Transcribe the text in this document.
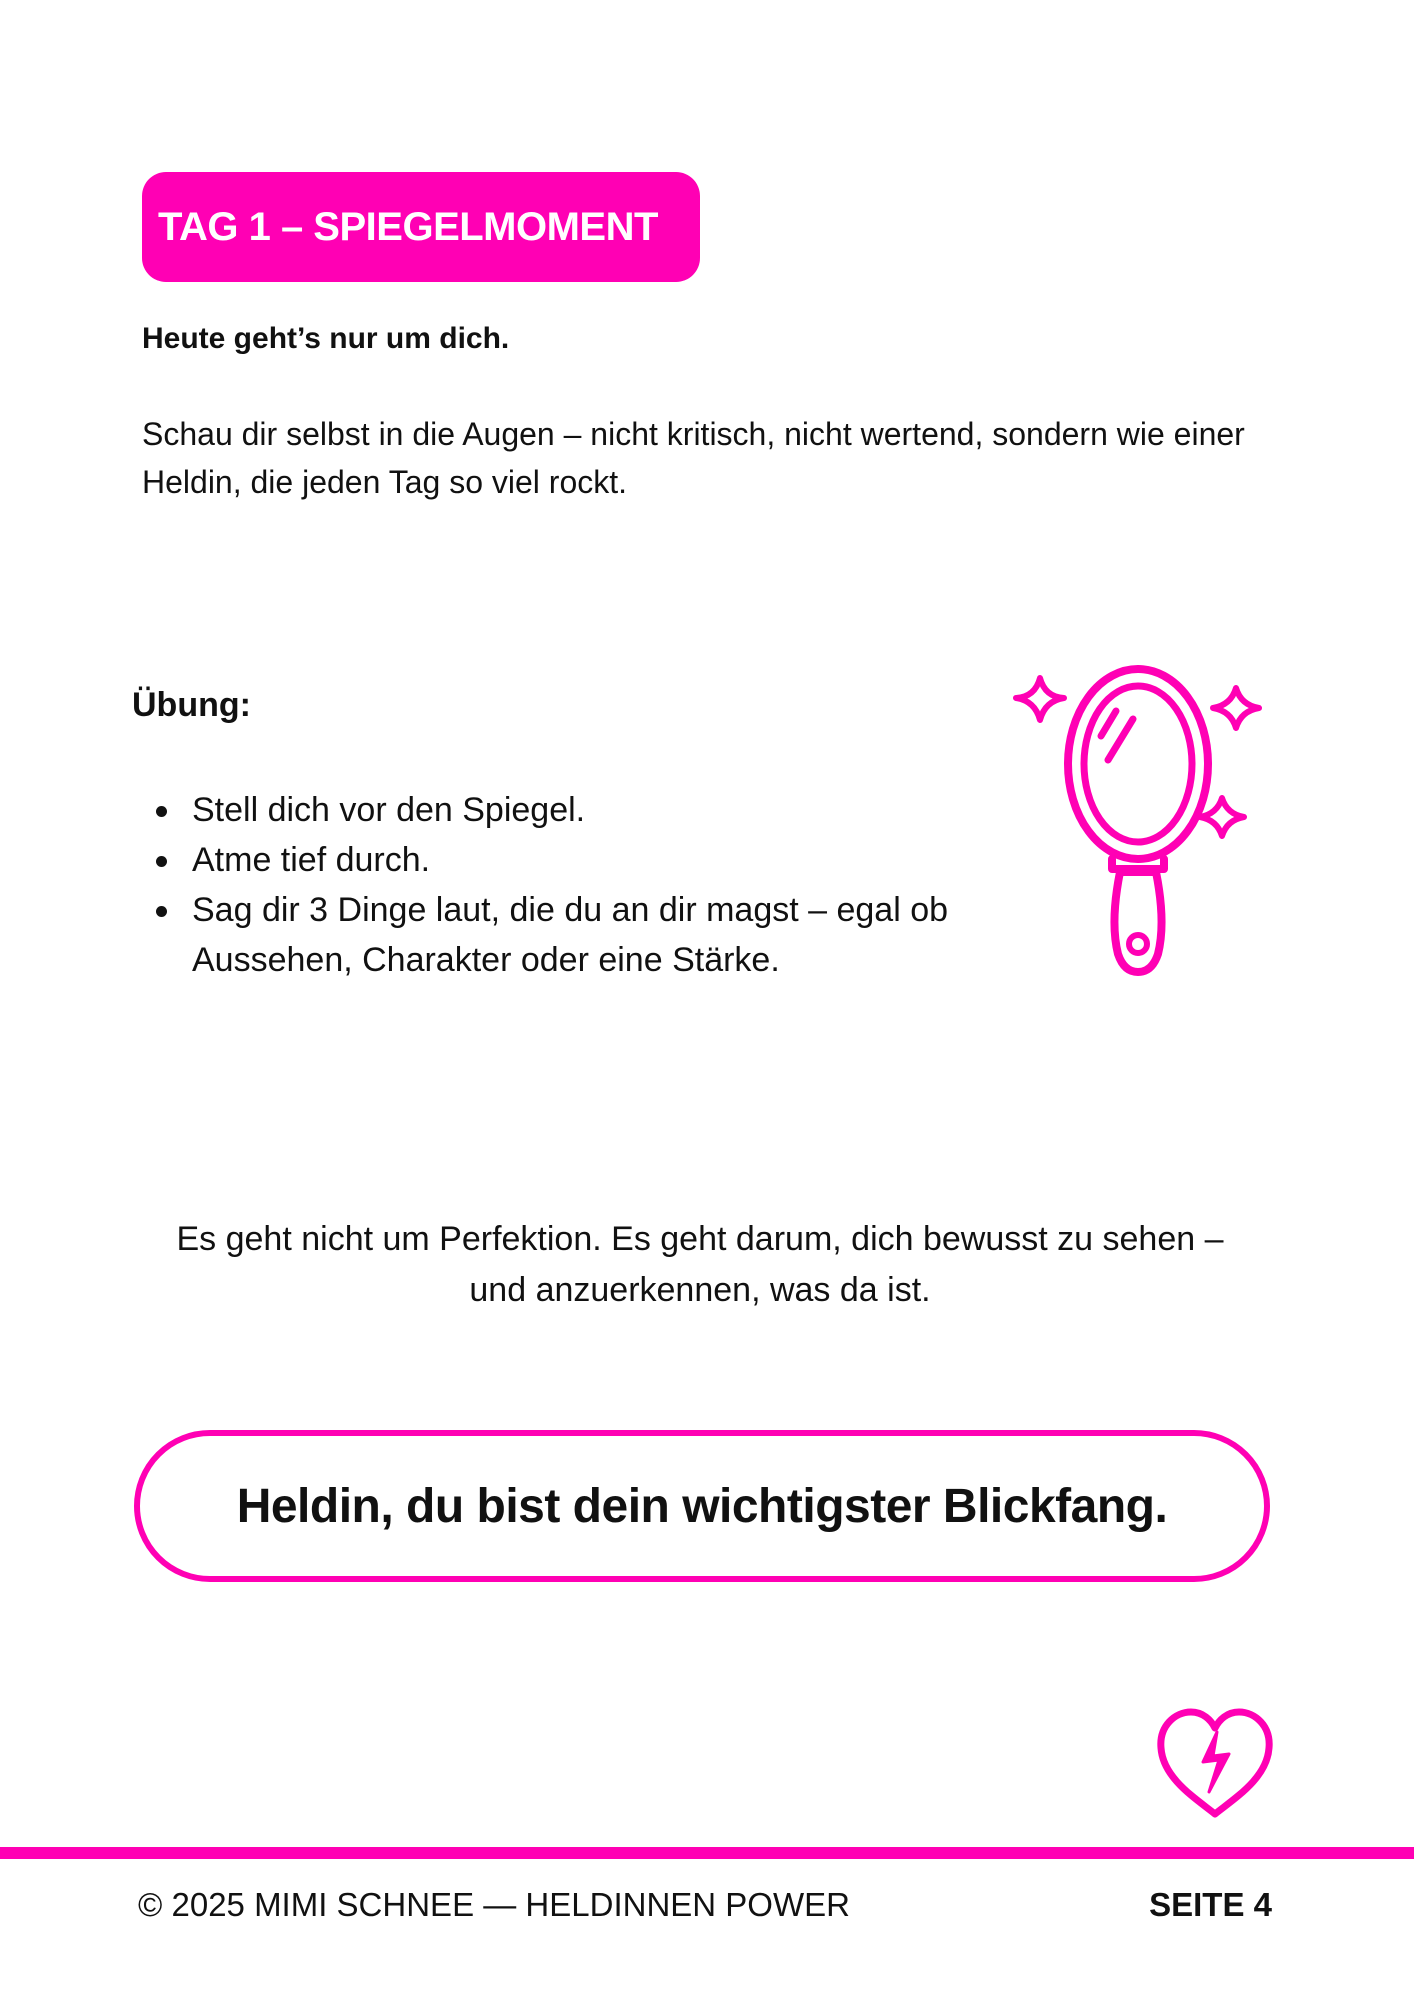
TAG 1 – SPIEGELMOMENT
Heute geht’s nur um dich.

Schau dir selbst in die Augen – nicht kritisch, nicht wertend, sondern wie einer Heldin, die jeden Tag so viel rockt.

Übung:
Stell dich vor den Spiegel.
Atme tief durch.
Sag dir 3 Dinge laut, die du an dir magst – egal ob Aussehen, Charakter oder eine Stärke.

Es geht nicht um Perfektion. Es geht darum, dich bewusst zu sehen – und anzuerkennen, was da ist.

Heldin, du bist dein wichtigster Blickfang.
© 2025 MIMI SCHNEE — HELDINNEN POWER	SEITE 4
